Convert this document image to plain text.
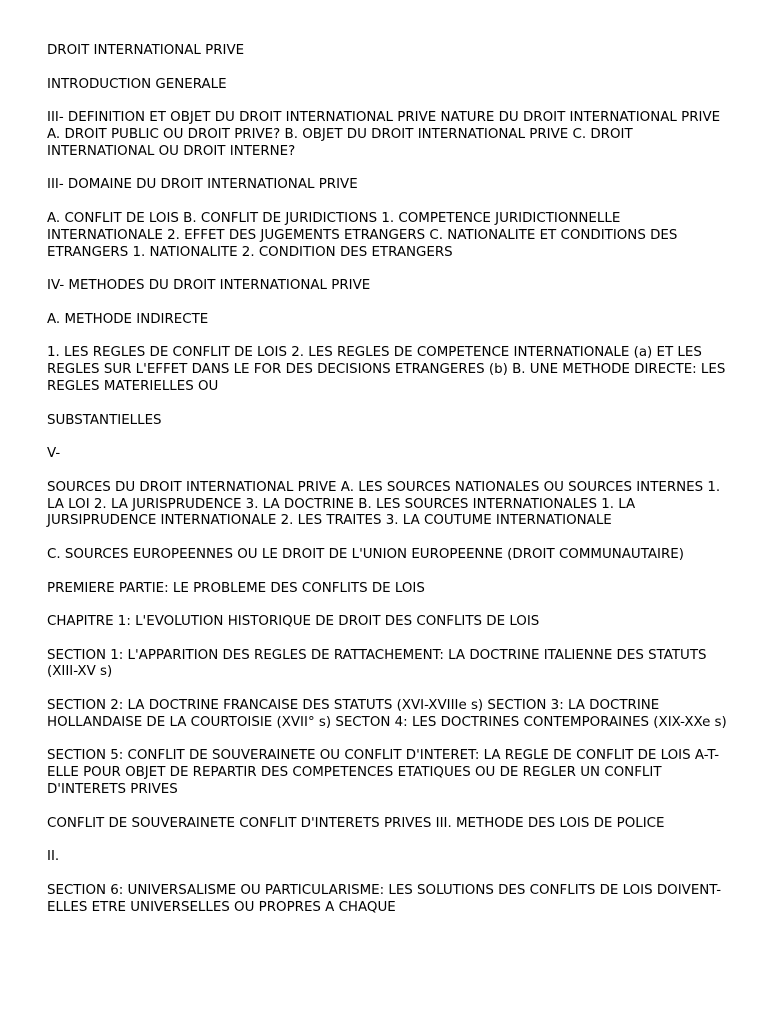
DROIT INTERNATIONAL PRIVE

INTRODUCTION GENERALE

III- DEFINITION ET OBJET DU DROIT INTERNATIONAL PRIVE NATURE DU DROIT INTERNATIONAL PRIVE A. DROIT PUBLIC OU DROIT PRIVE? B. OBJET DU DROIT INTERNATIONAL PRIVE C. DROIT INTERNATIONAL OU DROIT INTERNE?

III- DOMAINE DU DROIT INTERNATIONAL PRIVE

A. CONFLIT DE LOIS B. CONFLIT DE JURIDICTIONS 1. COMPETENCE JURIDICTIONNELLE INTERNATIONALE 2. EFFET DES JUGEMENTS ETRANGERS C. NATIONALITE ET CONDITIONS DES ETRANGERS 1. NATIONALITE 2. CONDITION DES ETRANGERS

IV- METHODES DU DROIT INTERNATIONAL PRIVE

A. METHODE INDIRECTE

1. LES REGLES DE CONFLIT DE LOIS 2. LES REGLES DE COMPETENCE INTERNATIONALE (a) ET LES REGLES SUR L'EFFET DANS LE FOR DES DECISIONS ETRANGERES (b) B. UNE METHODE DIRECTE: LES REGLES MATERIELLES OU

SUBSTANTIELLES

V-

SOURCES DU DROIT INTERNATIONAL PRIVE A. LES SOURCES NATIONALES OU SOURCES INTERNES 1. LA LOI 2. LA JURISPRUDENCE 3. LA DOCTRINE B. LES SOURCES INTERNATIONALES 1. LA JURSIPRUDENCE INTERNATIONALE 2. LES TRAITES 3. LA COUTUME INTERNATIONALE

C. SOURCES EUROPEENNES OU LE DROIT DE L'UNION EUROPEENNE (DROIT COMMUNAUTAIRE)

PREMIERE PARTIE: LE PROBLEME DES CONFLITS DE LOIS

CHAPITRE 1: L'EVOLUTION HISTORIQUE DE DROIT DES CONFLITS DE LOIS

SECTION 1: L'APPARITION DES REGLES DE RATTACHEMENT: LA DOCTRINE ITALIENNE DES STATUTS (XIII-XV s)

SECTION 2: LA DOCTRINE FRANCAISE DES STATUTS (XVI-XVIIIe s) SECTION 3: LA DOCTRINE HOLLANDAISE DE LA COURTOISIE (XVII° s) SECTON 4: LES DOCTRINES CONTEMPORAINES (XIX-XXe s)

SECTION 5: CONFLIT DE SOUVERAINETE OU CONFLIT D'INTERET: LA REGLE DE CONFLIT DE LOIS A-T-ELLE POUR OBJET DE REPARTIR DES COMPETENCES ETATIQUES OU DE REGLER UN CONFLIT D'INTERETS PRIVES

CONFLIT DE SOUVERAINETE CONFLIT D'INTERETS PRIVES III. METHODE DES LOIS DE POLICE

II.

SECTION 6: UNIVERSALISME OU PARTICULARISME: LES SOLUTIONS DES CONFLITS DE LOIS DOIVENT-ELLES ETRE UNIVERSELLES OU PROPRES A CHAQUE
